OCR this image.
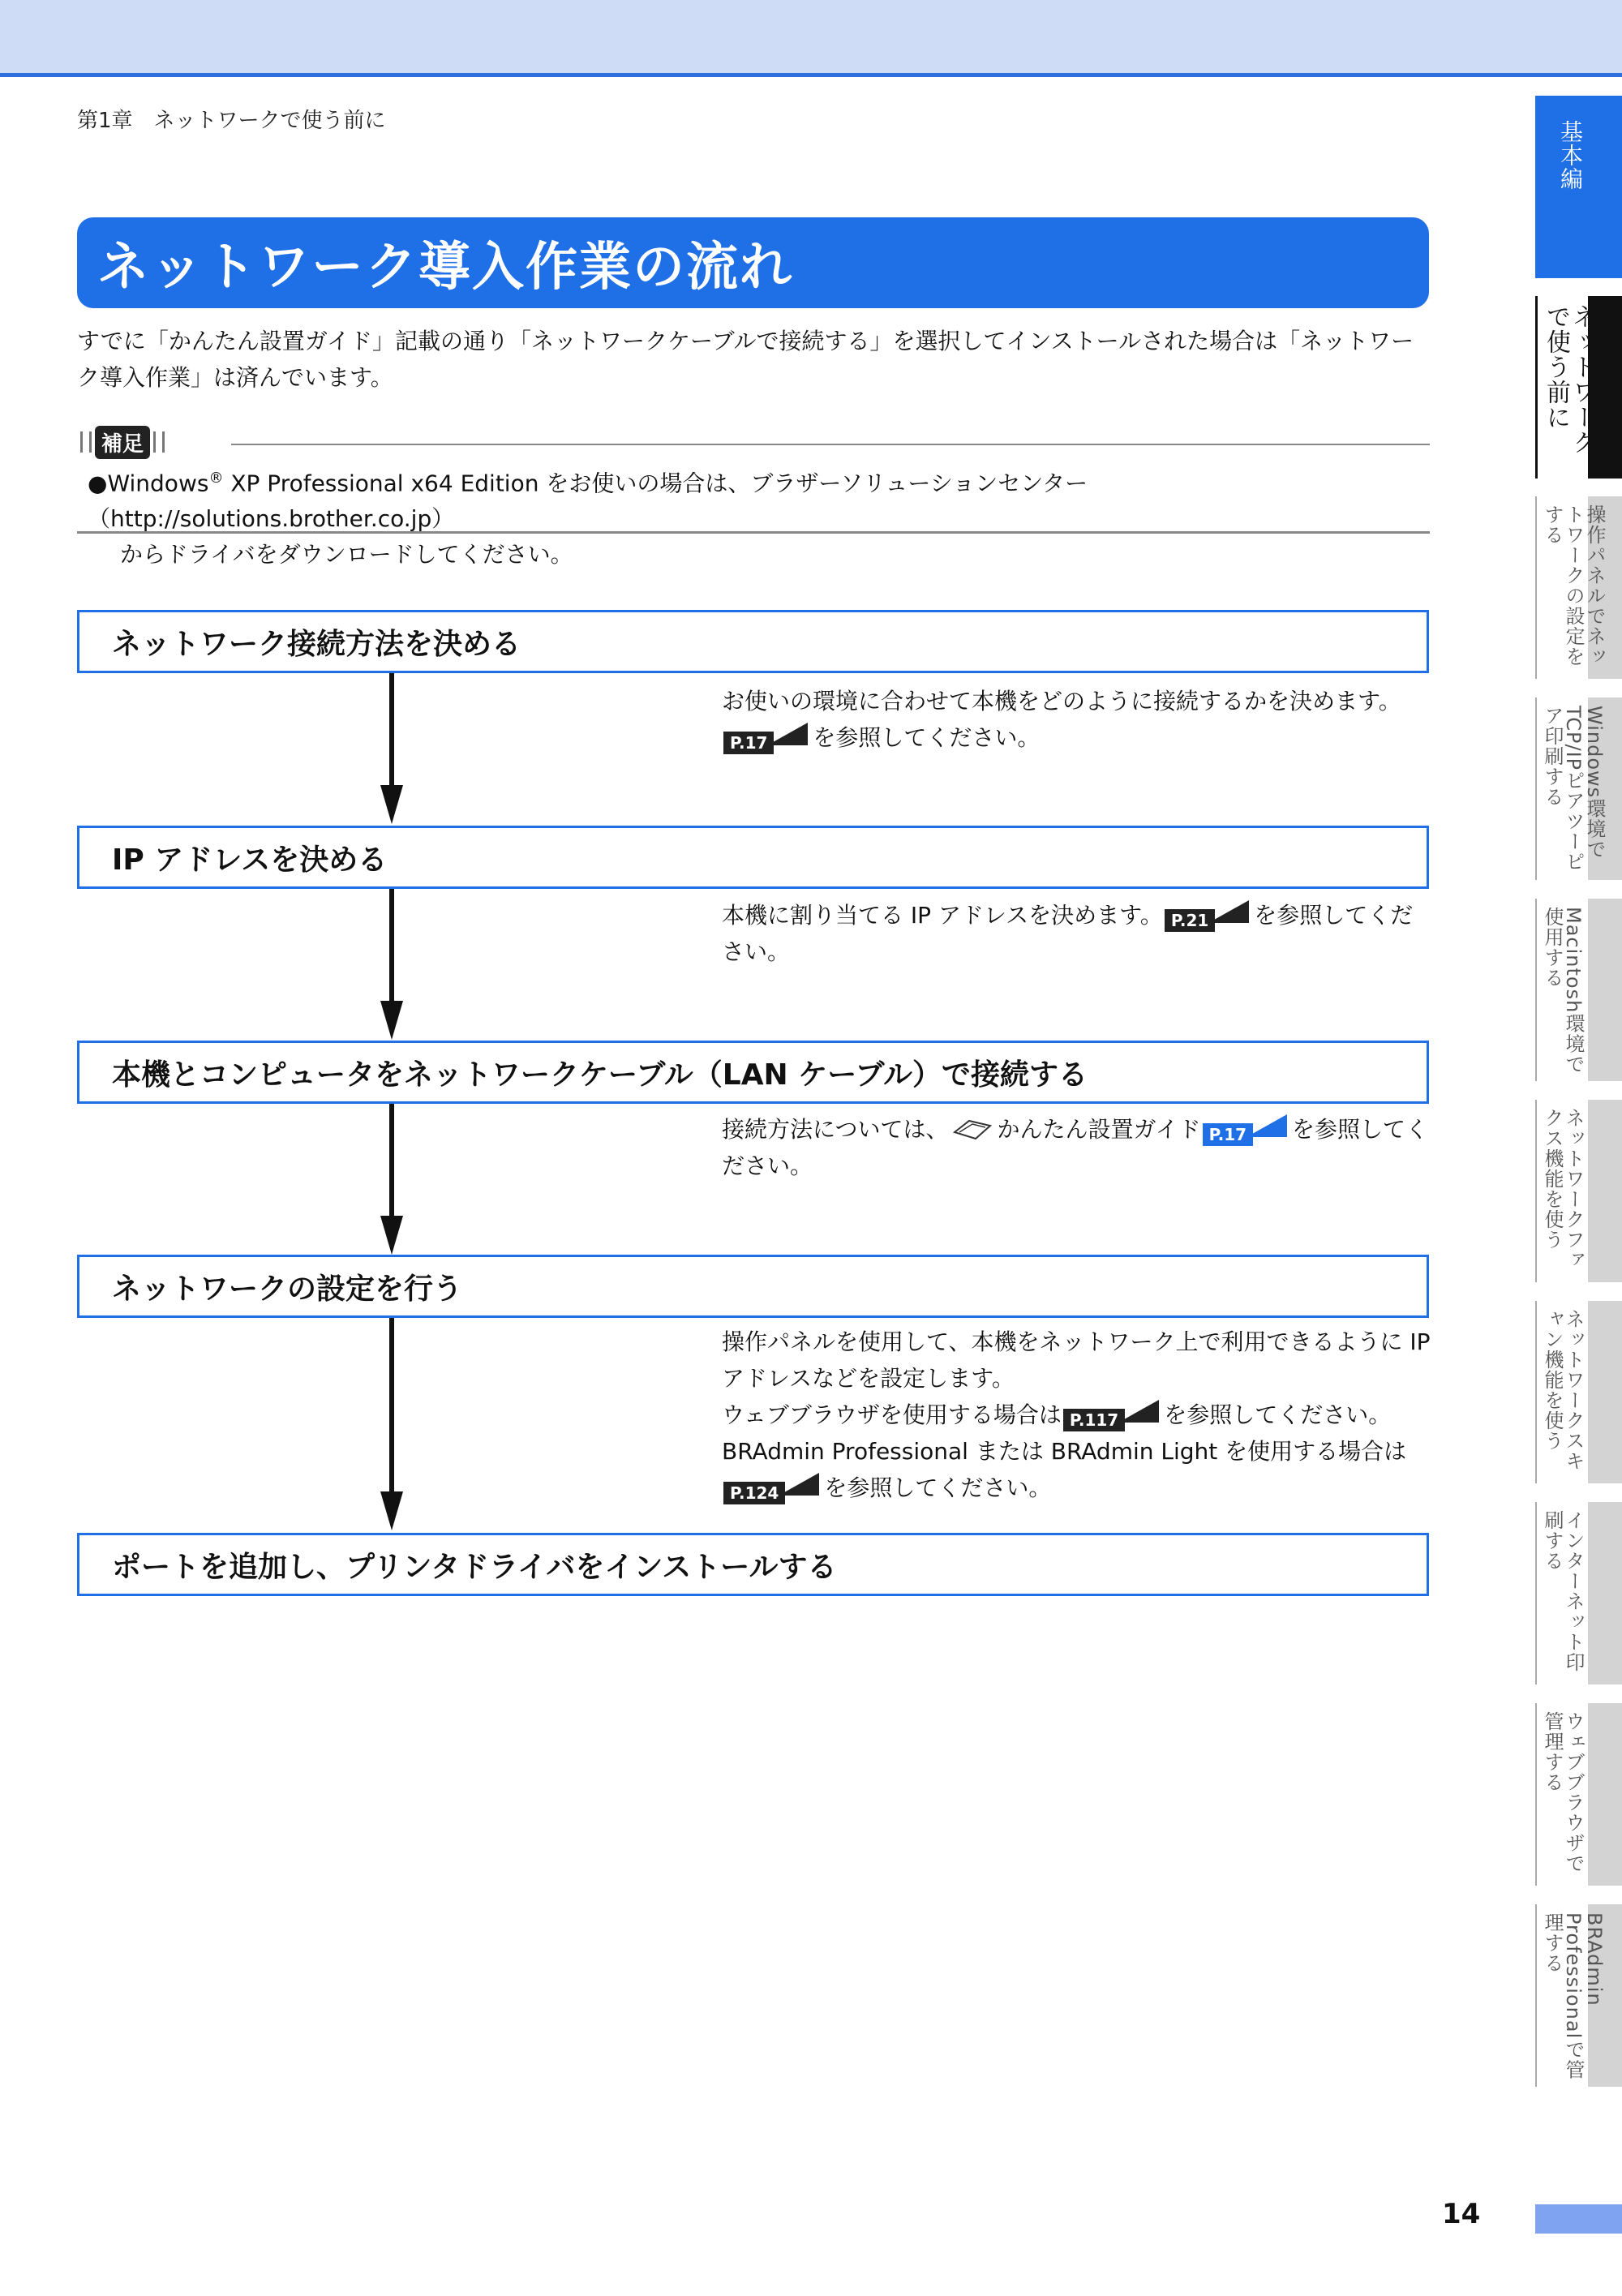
第1章　ネットワークで使う前に
ネットワーク導入作業の流れ
すでに「かんたん設置ガイド」記載の通り「ネットワークケーブルで接続する」を選択してインストールされた場合は「ネットワーク導入作業」は済んでいます。
補足
●Windows® XP Professional x64 Edition をお使いの場合は、ブラザーソリューションセンター（http://solutions.brother.co.jp）
からドライバをダウンロードしてください。
ネットワーク接続方法を決める
お使いの環境に合わせて本機をどのように接続するかを決めます。
P.17 を参照してください。
IP アドレスを決める
本機に割り当てる IP アドレスを決めます。 P.21 を参照してください。
本機とコンピュータをネットワークケーブル（LAN ケーブル）で接続する
接続方法については、 かんたん設置ガイド P.17 を参照してください。
ネットワークの設定を行う
操作パネルを使用して、本機をネットワーク上で利用できるように IP アドレスなどを設定します。
ウェブブラウザを使用する場合は P.117 を参照してください。
BRAdmin Professional または BRAdmin Light を使用する場合は
P.124 を参照してください。
ポートを追加し、プリンタドライバをインストールする
基本編
ネットワークで使う前に
操作パネルでネットワークの設定をする
Windows環境でTCP/IPピアツーピア印刷する
Macintosh環境で使用する
ネットワークファクス機能を使う
ネットワークスキャン機能を使う
インターネット印刷する
ウェブブラウザで管理する
BRAdmin Professionalで管理する
14
